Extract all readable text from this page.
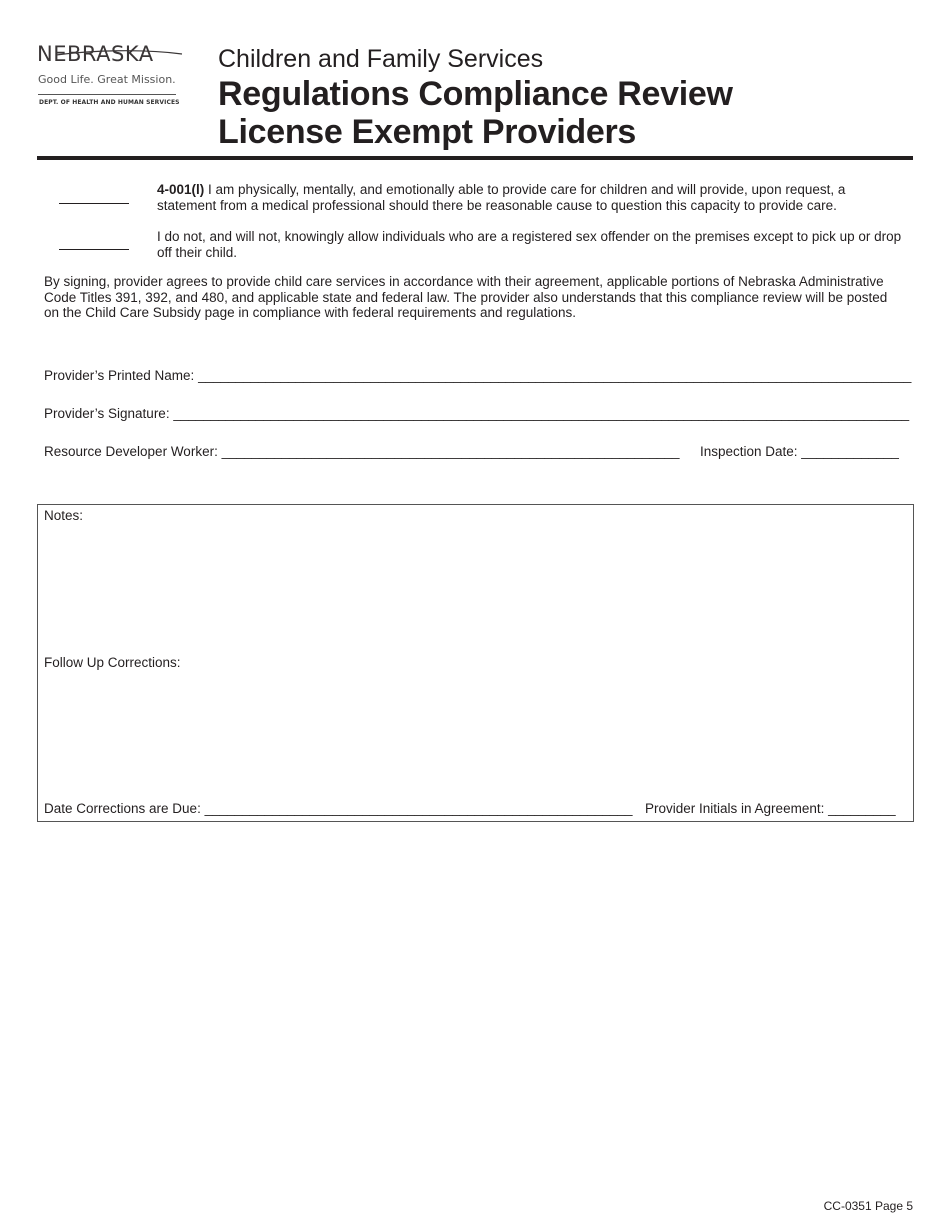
NEBRASKA
Good Life. Great Mission.
DEPT. OF HEALTH AND HUMAN SERVICES
Children and Family Services
Regulations Compliance Review
License Exempt Providers
4-001(l) I am physically, mentally, and emotionally able to provide care for children and will provide, upon request, a statement from a medical professional should there be reasonable cause to question this capacity to provide care.
I do not, and will not, knowingly allow individuals who are a registered sex offender on the premises except to pick up or drop off their child.
By signing, provider agrees to provide child care services in accordance with their agreement, applicable portions of Nebraska Administrative Code Titles 391, 392, and 480, and applicable state and federal law. The provider also understands that this compliance review will be posted on the Child Care Subsidy page in compliance with federal requirements and regulations.
Provider’s Printed Name: _______________________________________________________________________________________________
Provider’s Signature: __________________________________________________________________________________________________
Resource Developer Worker: _____________________________________________________________ Inspection Date: _____________
Notes:
Follow Up Corrections:
Date Corrections are Due: _________________________________________________________ Provider Initials in Agreement: _________
CC-0351 Page 5
